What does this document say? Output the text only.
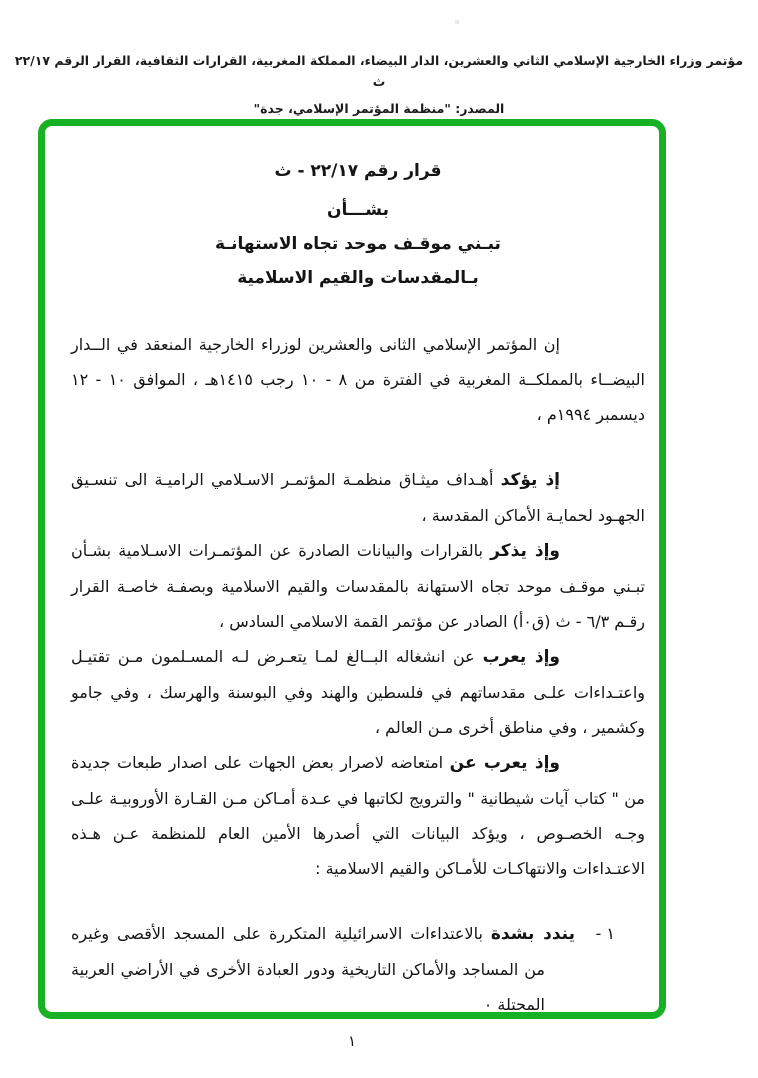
مؤتمر وزراء الخارجية الإسلامي الثاني والعشرين، الدار البيضاء، المملكة المغربية، القرارات الثقافية، القرار الرقم ٢٢/١٧ ث
المصدر: "منظمة المؤتمر الإسلامي، جدة"
قرار رقم ٢٢/١٧ - ث
بشـــأن
تبـني موقـف موحد تجاه الاستهانـة
بـالمقدسات والقيم الاسلامية

إن المؤتمر الإسلامي الثانى والعشرين لوزراء الخارجية المنعقد في الــدار البيضــاء بالمملكــة المغربية في الفترة من ٨ - ١٠ رجب ١٤١٥هـ ، الموافق ١٠ - ١٢ ديسمبر ١٩٩٤م ،

إذ يؤكد أهـداف ميثـاق منظمـة المؤتمـر الاسـلامي الراميـة الى تنسـيق الجهـود لحمايـة الأماكن المقدسة ،

وإذ يذكر بالقرارات والبيانات الصادرة عن المؤتمـرات الاسـلامية بشـأن تبـني موقـف موحد تجاه الاستهانة بالمقدسات والقيم الاسلامية وبصفـة خاصـة القرار رقـم ٦/٣ - ث (ق٠أ) الصادر عن مؤتمر القمة الاسلامي السادس ،

وإذ يعرب عن انشغاله البــالغ لمـا يتعـرض لـه المسـلمون مـن تقتيـل واعتـداءات علـى مقدساتهم في فلسطين والهند وفي البوسنة والهرسك ، وفي جامو وكشمير ، وفي مناطق أخرى مـن العالم ،

وإذ يعرب عن امتعاضه لاصرار بعض الجهات على اصدار طبعات جديدة من " كتاب آيات شيطانية " والترويج لكاتبها في عـدة أمـاكن مـن القـارة الأوروبيـة علـى وجـه الخصـوص ، ويؤكد البيانات التي أصدرها الأمين العام للمنظمة عـن هـذه الاعتـداءات والانتهاكـات للأمـاكن والقيم الاسلامية :

١ -
يندد بشدة بالاعتداءات الاسرائيلية المتكررة على المسجد الأقصى وغيره من المساجد والأماكن التاريخية ودور العبادة الأخرى في الأراضي العربية المحتلة ٠
١
